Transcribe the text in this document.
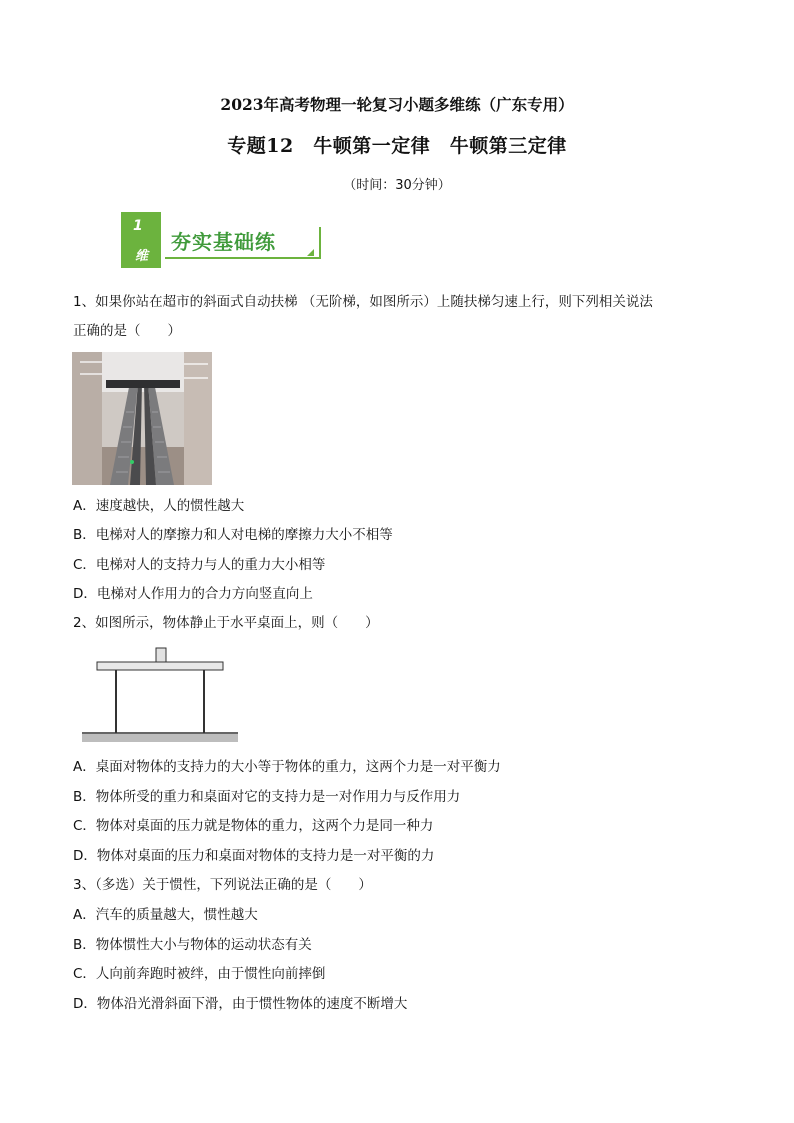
2023年高考物理一轮复习小题多维练（广东专用）
专题12　牛顿第一定律　牛顿第三定律
（时间：30分钟）
1
维
夯实基础练
1、如果你站在超市的斜面式自动扶梯 （无阶梯，如图所示）上随扶梯匀速上行，则下列相关说法
正确的是（　　）
A．速度越快，人的惯性越大
B．电梯对人的摩擦力和人对电梯的摩擦力大小不相等
C．电梯对人的支持力与人的重力大小相等
D．电梯对人作用力的合力方向竖直向上
2、如图所示，物体静止于水平桌面上，则（　　）
A．桌面对物体的支持力的大小等于物体的重力，这两个力是一对平衡力
B．物体所受的重力和桌面对它的支持力是一对作用力与反作用力
C．物体对桌面的压力就是物体的重力，这两个力是同一种力
D．物体对桌面的压力和桌面对物体的支持力是一对平衡的力
3、（多选）关于惯性，下列说法正确的是（　　）
A．汽车的质量越大，惯性越大
B．物体惯性大小与物体的运动状态有关
C．人向前奔跑时被绊，由于惯性向前摔倒
D．物体沿光滑斜面下滑，由于惯性物体的速度不断增大
